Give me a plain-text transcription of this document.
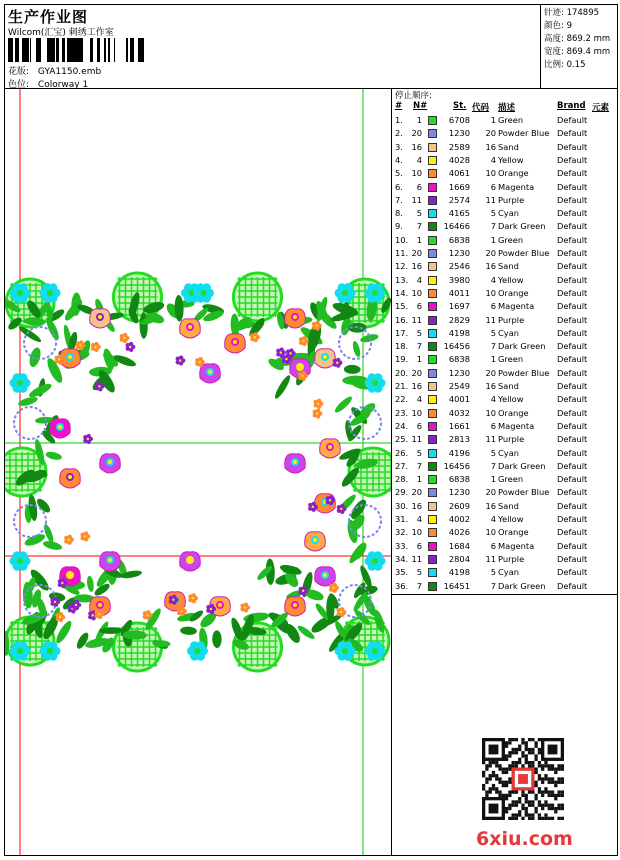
生产作业图
Wilcom(汇宝) 刺绣工作室
花版: GYA1150.emb
色位: Colorway 1
针迹: 174895
颜色: 9
高度: 869.2 mm
宽度: 869.4 mm
比例: 0.15
停止顺序:
# N#	St. 代码 描述	Brand 元素
1. 1	6708 1 Green	Default
2. 20	1230 20 Powder Blue Default
3. 16	2589 16 Sand	Default
4. 4	4028 4 Yellow	Default
5. 10	4061 10 Orange	Default
6. 6	1669 6 Magenta	Default
7. 11	2574 11 Purple	Default
8. 5	4165 5 Cyan	Default
9. 7	16466 7 Dark Green Default
10. 1	6838 1 Green	Default
11. 20	1230 20 Powder Blue Default
12. 16	2546 16 Sand	Default
13. 4	3980 4 Yellow	Default
14. 10	4011 10 Orange	Default
15. 6	1697 6 Magenta	Default
16. 11	2829 11 Purple	Default
17. 5	4198 5 Cyan	Default
18. 7	16456 7 Dark Green Default
19. 1	6838 1 Green	Default
20. 20	1230 20 Powder Blue Default
21. 16	2549 16 Sand	Default
22. 4	4001 4 Yellow	Default
23. 10	4032 10 Orange	Default
24. 6	1661 6 Magenta	Default
25. 11	2813 11 Purple	Default
26. 5	4196 5 Cyan	Default
27. 7	16456 7 Dark Green Default
28. 1	6838 1 Green	Default
29. 20	1230 20 Powder Blue Default
30. 16	2609 16 Sand	Default
31. 4	4002 4 Yellow	Default
32. 10	4026 10 Orange	Default
33. 6	1684 6 Magenta	Default
34. 11	2804 11 Purple	Default
35. 5	4198 5 Cyan	Default
36. 7	16451 7 Dark Green Default
6xiu.com
